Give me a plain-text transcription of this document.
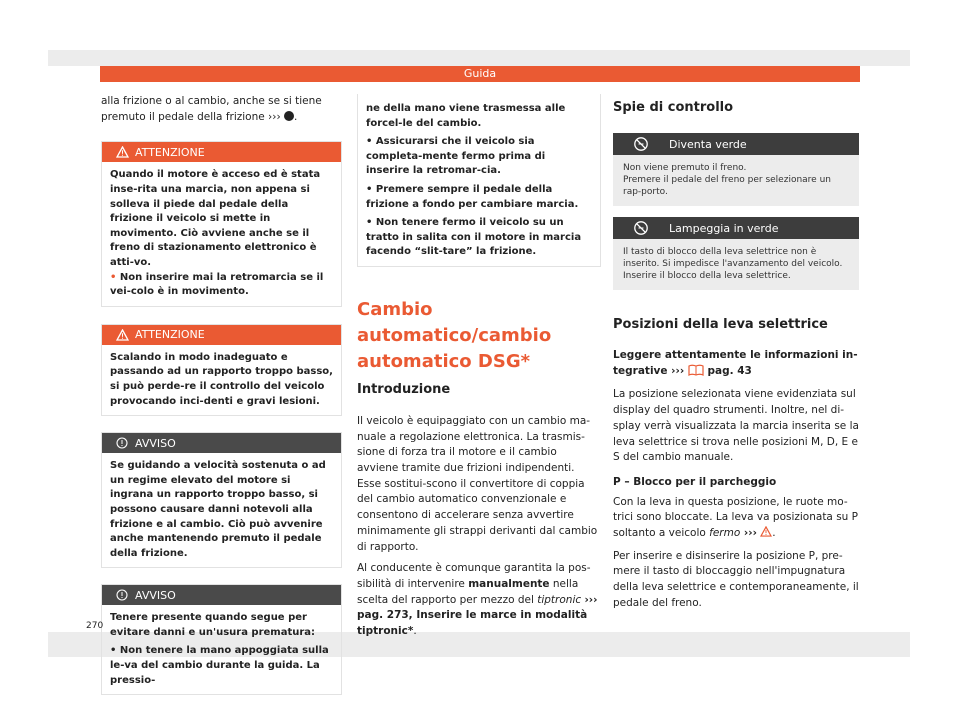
Guida

alla frizione o al cambio, anche se si tiene
premuto il pedale della frizione ››› .

ATTENZIONE

Quando il motore è acceso ed è stata inse-rita una marcia, non appena si solleva il piede dal pedale della frizione il veicolo si mette in movimento. Ciò avviene anche se il freno di stazionamento elettronico è atti-vo.

• Non inserire mai la retromarcia se il vei-colo è in movimento.

ATTENZIONE

Scalando in modo inadeguato e passando ad un rapporto troppo basso, si può perde-re il controllo del veicolo provocando inci-denti e gravi lesioni.

AVVISO

Se guidando a velocità sostenuta o ad un regime elevato del motore si ingrana un rapporto troppo basso, si possono causare danni notevoli alla frizione e al cambio. Ciò può avvenire anche mantenendo premuto il pedale della frizione.

AVVISO

Tenere presente quando segue per evitare danni e un'usura prematura:

• Non tenere la mano appoggiata sulla le-va del cambio durante la guida. La pressio-

ne della mano viene trasmessa alle forcel-le del cambio.

• Assicurarsi che il veicolo sia completa-mente fermo prima di inserire la retromar-cia.

• Premere sempre il pedale della frizione a fondo per cambiare marcia.

• Non tenere fermo il veicolo su un tratto in salita con il motore in marcia facendo “slit-tare” la frizione.

Cambio automatico/cambio automatico DSG*
Introduzione

Il veicolo è equipaggiato con un cambio ma-nuale a regolazione elettronica. La trasmis-sione di forza tra il motore e il cambio avviene tramite due frizioni indipendenti. Esse sostitui-scono il convertitore di coppia del cambio automatico convenzionale e consentono di accelerare senza avvertire minimamente gli strappi derivanti dal cambio di rapporto.

Al conducente è comunque garantita la pos-sibilità di intervenire manualmente nella scelta del rapporto per mezzo del tiptronic ››› pag. 273, Inserire le marce in modalità tiptronic*.

Spie di controllo
Diventa verde
Non viene premuto il freno.
Premere il pedale del freno per selezionare un rap-porto.
Lampeggia in verde
Il tasto di blocco della leva selettrice non è inserito. Si impedisce l'avanzamento del veicolo. Inserire il blocco della leva selettrice.
Posizioni della leva selettrice

Leggere attentamente le informazioni in-tegrative ››› pag. 43

La posizione selezionata viene evidenziata sul display del quadro strumenti. Inoltre, nel di-splay verrà visualizzata la marcia inserita se la leva selettrice si trova nelle posizioni M, D, E e S del cambio manuale.

P – Blocco per il parcheggio

Con la leva in questa posizione, le ruote mo-trici sono bloccate. La leva va posizionata su P soltanto a veicolo fermo ››› .

Per inserire e disinserire la posizione P, pre-mere il tasto di bloccaggio nell'impugnatura della leva selettrice e contemporaneamente, il pedale del freno.

270
